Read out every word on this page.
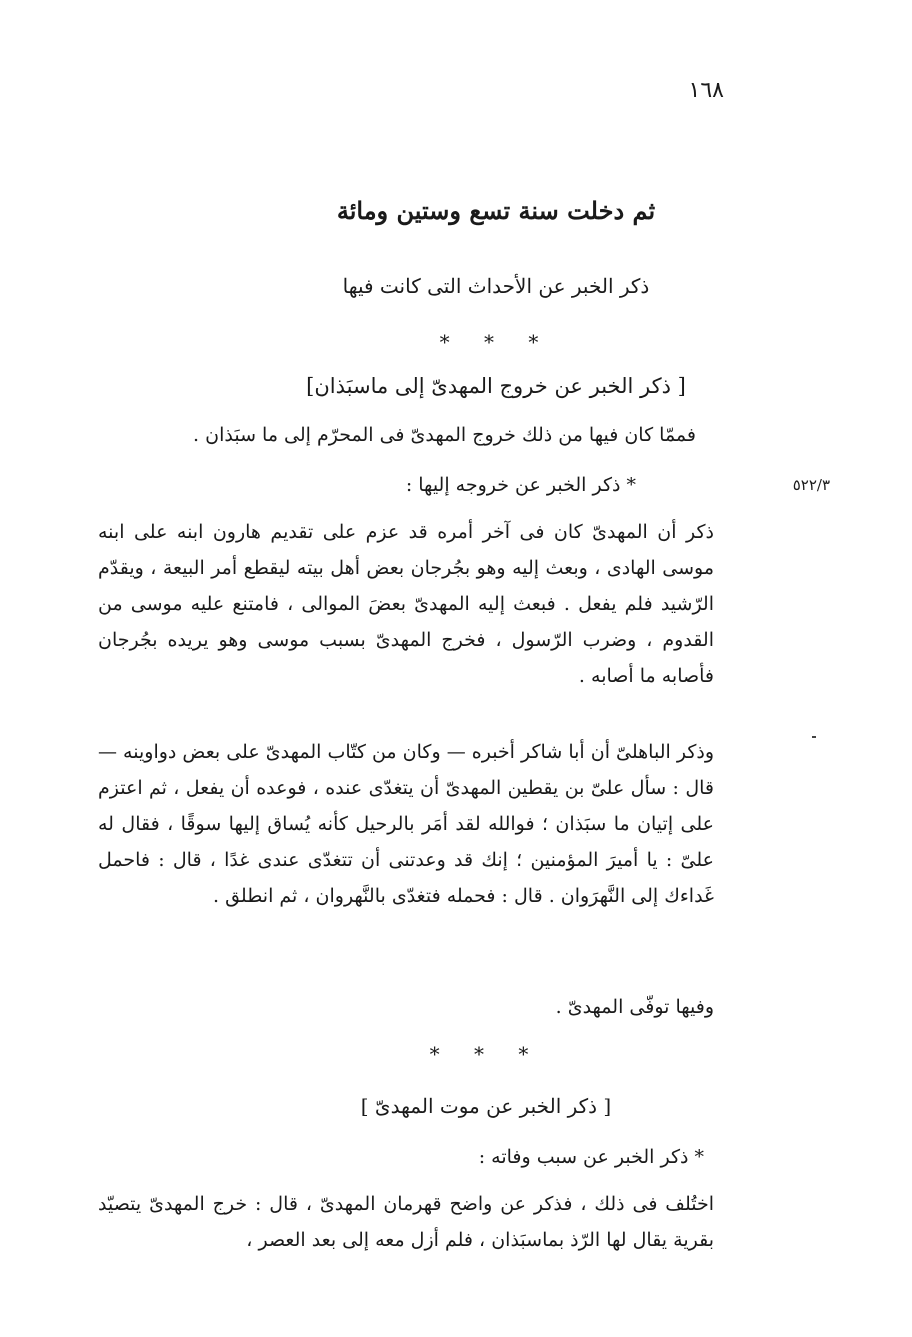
١٦٨
ثم دخلت سنة تسع وستين ومائة
ذكر الخبر عن الأحداث التى كانت فيها
* * *
[ ذكر الخبر عن خروج المهدىّ إلى ماسبَذان]
فممّا كان فيها من ذلك خروج المهدىّ فى المحرّم إلى ما سبَذان .
* ذكر الخبر عن خروجه إليها :	٥٢٢/٣
ذكر أن المهدىّ كان فى آخر أمره قد عزم على تقديم هارون ابنه على ابنه موسى الهادى ، وبعث إليه وهو بجُرجان بعض أهل بيته ليقطع أمر البيعة ، ويقدّم الرّشيد فلم يفعل . فبعث إليه المهدىّ بعضَ الموالى ، فامتنع عليه موسى من القدوم ، وضرب الرّسول ، فخرج المهدىّ بسبب موسى وهو يريده بجُرجان فأصابه ما أصابه .
وذكر الباهلىّ أن أبا شاكر أخبره — وكان من كتّاب المهدىّ على بعض دواوينه — قال : سأل علىّ بن يقطين المهدىّ أن يتغدّى عنده ، فوعده أن يفعل ، ثم اعتزم على إتيان ما سبَذان ؛ فوالله لقد أمَر بالرحيل كأنه يُساق إليها سوقًا ، فقال له علىّ : يا أميرَ المؤمنين ؛ إنك قد وعدتنى أن تتغدّى عندى غدًا ، قال : فاحمل غَداءك إلى النَّهرَوان . قال : فحمله فتغدّى بالنَّهروان ، ثم انطلق .
وفيها توفّى المهدىّ .
* * *
[ ذكر الخبر عن موت المهدىّ ]
* ذكر الخبر عن سبب وفاته :
اختُلف فى ذلك ، فذكر عن واضح قهرمان المهدىّ ، قال : خرج المهدىّ يتصيّد بقرية يقال لها الرّذ بماسبَذان ، فلم أزل معه إلى بعد العصر ،
